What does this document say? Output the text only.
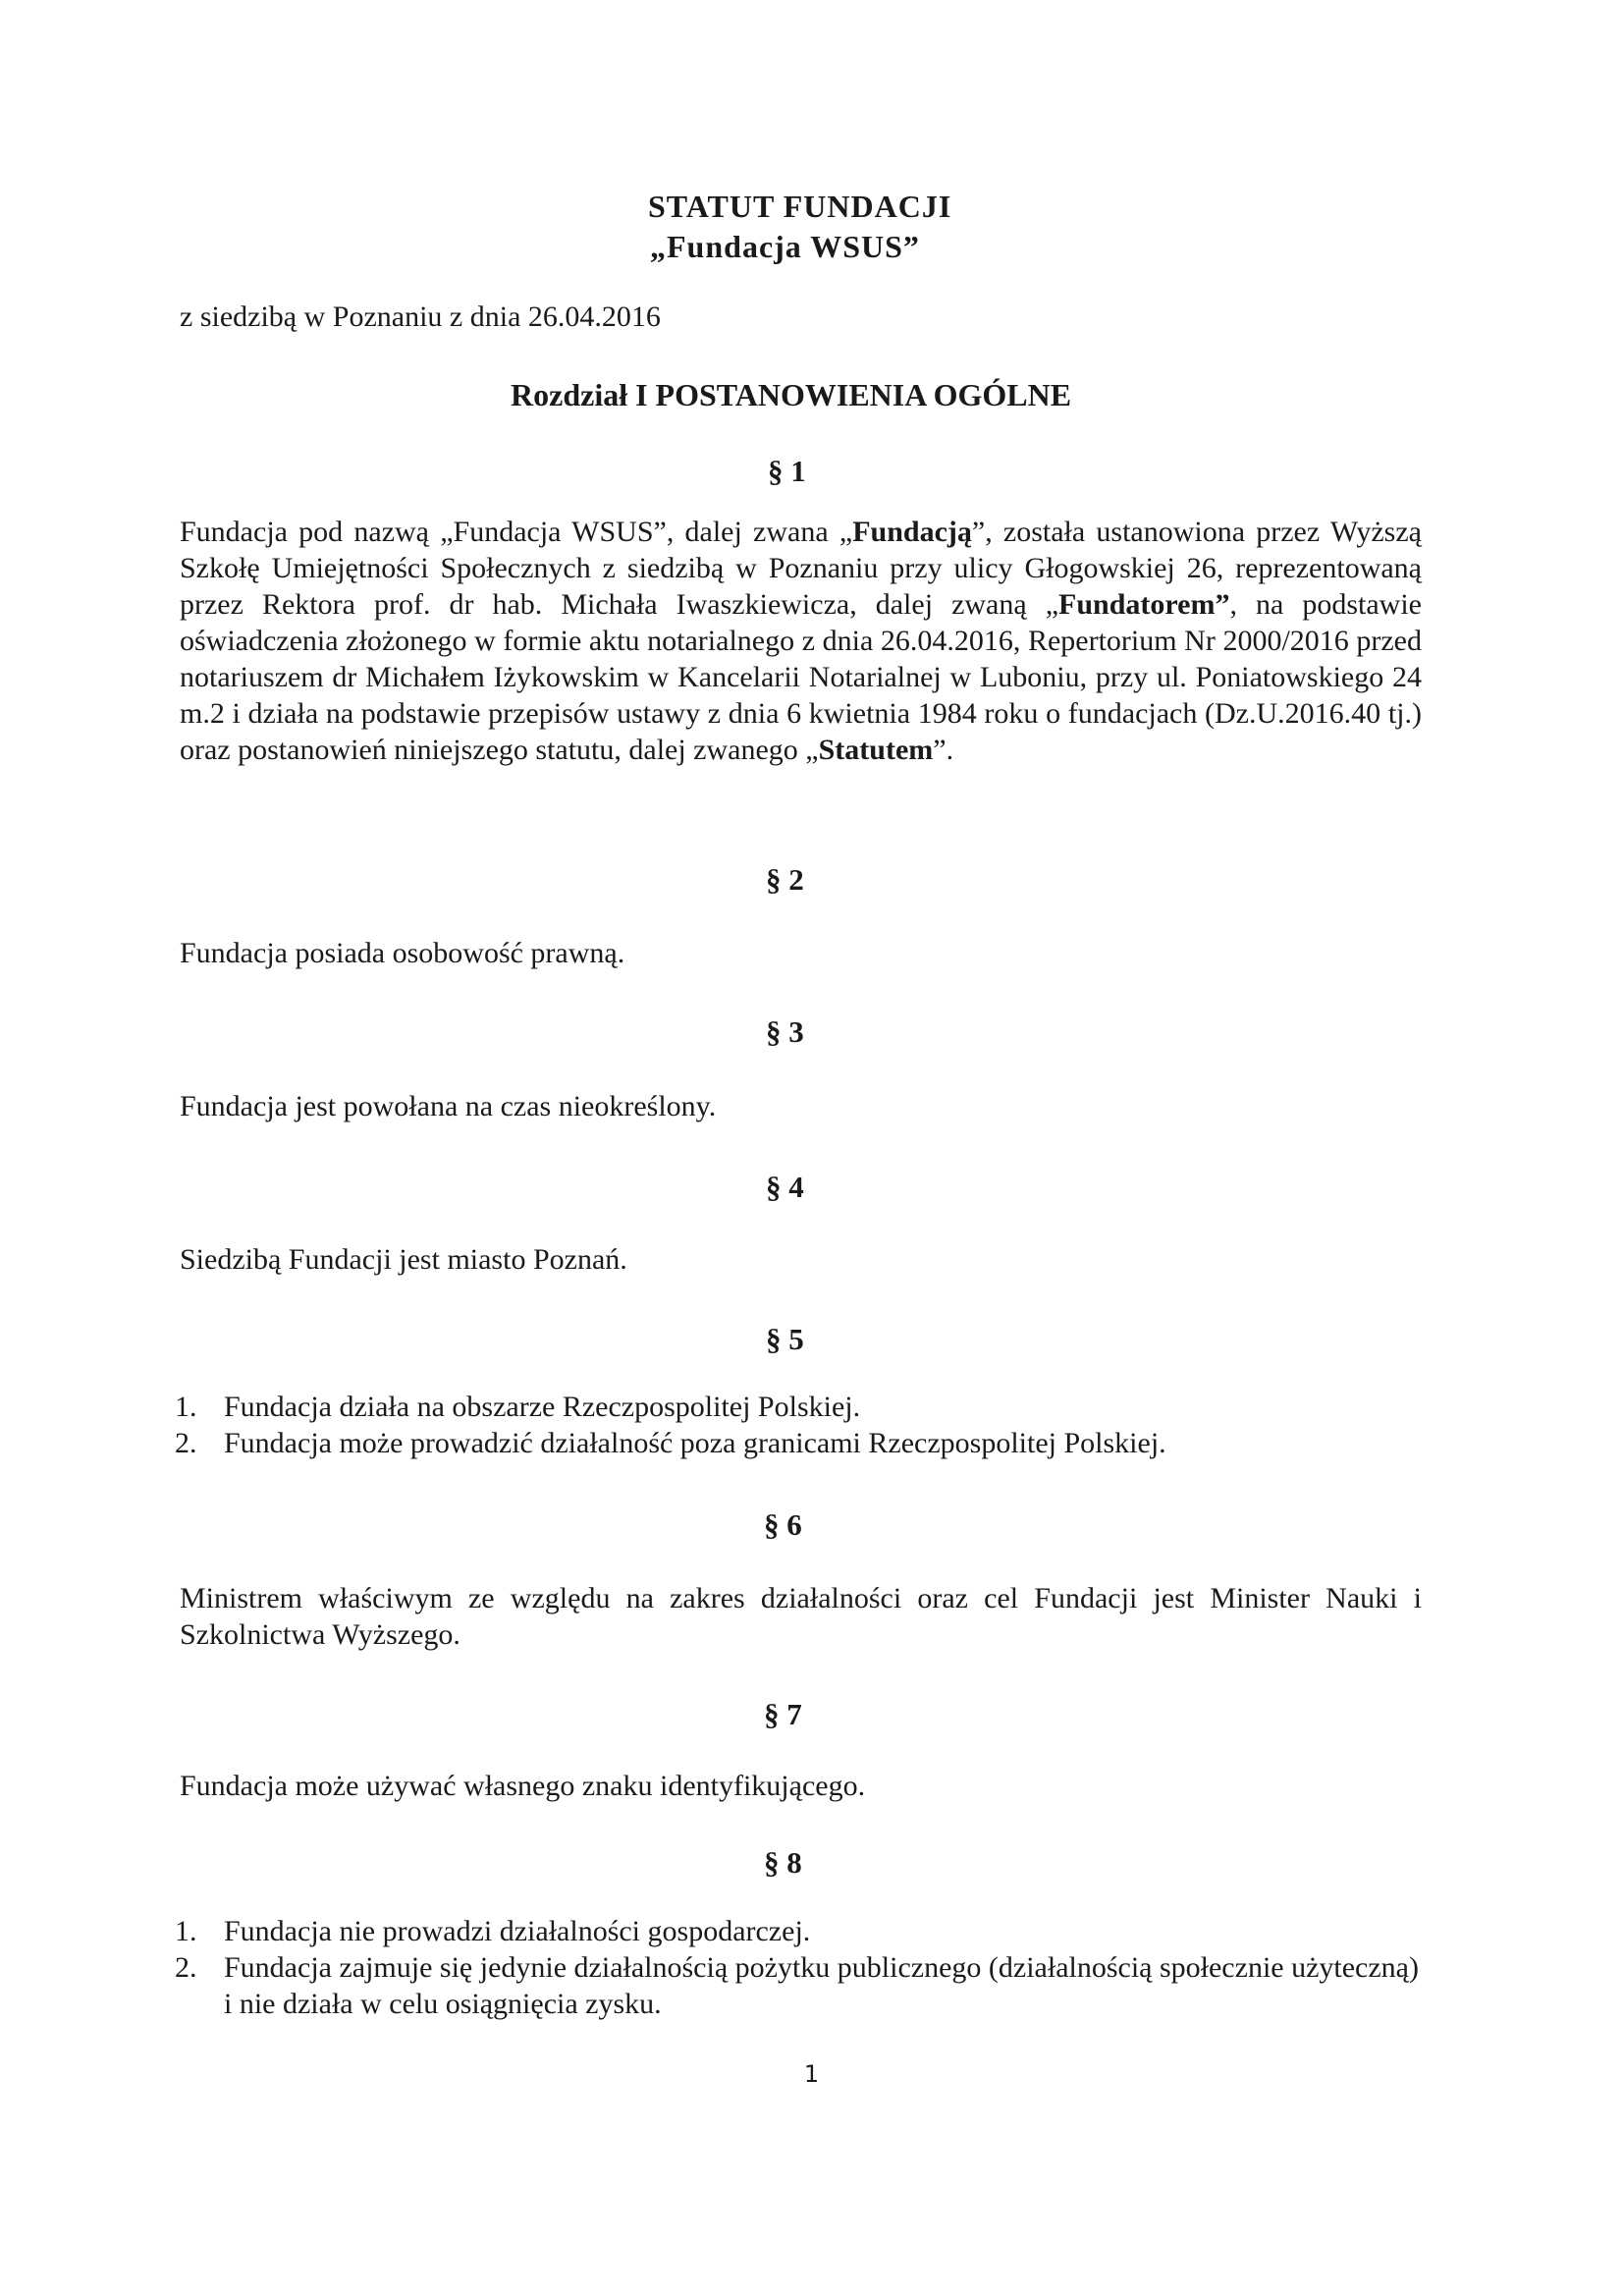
STATUT FUNDACJI
„Fundacja WSUS”
z siedzibą w Poznaniu z dnia 26.04.2016
Rozdział I POSTANOWIENIA OGÓLNE
§ 1
Fundacja pod nazwą „Fundacja WSUS”, dalej zwana „Fundacją”, została ustanowiona przez Wyższą Szkołę Umiejętności Społecznych z siedzibą w Poznaniu przy ulicy Głogowskiej 26, reprezentowaną przez Rektora prof. dr hab. Michała Iwaszkiewicza, dalej zwaną „Fundatorem”, na podstawie oświadczenia złożonego w formie aktu notarialnego z dnia 26.04.2016, Repertorium Nr 2000/2016 przed notariuszem dr Michałem Iżykowskim w Kancelarii Notarialnej w Luboniu, przy ul. Poniatowskiego 24 m.2 i działa na podstawie przepisów ustawy z dnia 6 kwietnia 1984 roku o fundacjach (Dz.U.2016.40 tj.) oraz postanowień niniejszego statutu, dalej zwanego „Statutem”.
§ 2
Fundacja posiada osobowość prawną.
§ 3
Fundacja jest powołana na czas nieokreślony.
§ 4
Siedzibą Fundacji jest miasto Poznań.
§ 5
1. Fundacja działa na obszarze Rzeczpospolitej Polskiej.
2. Fundacja może prowadzić działalność poza granicami Rzeczpospolitej Polskiej.
§ 6
Ministrem właściwym ze względu na zakres działalności oraz cel Fundacji jest Minister Nauki i Szkolnictwa Wyższego.
§ 7
Fundacja może używać własnego znaku identyfikującego.
§ 8
1. Fundacja nie prowadzi działalności gospodarczej.
2. Fundacja zajmuje się jedynie działalnością pożytku publicznego (działalnością społecznie użyteczną) i nie działa w celu osiągnięcia zysku.
1
